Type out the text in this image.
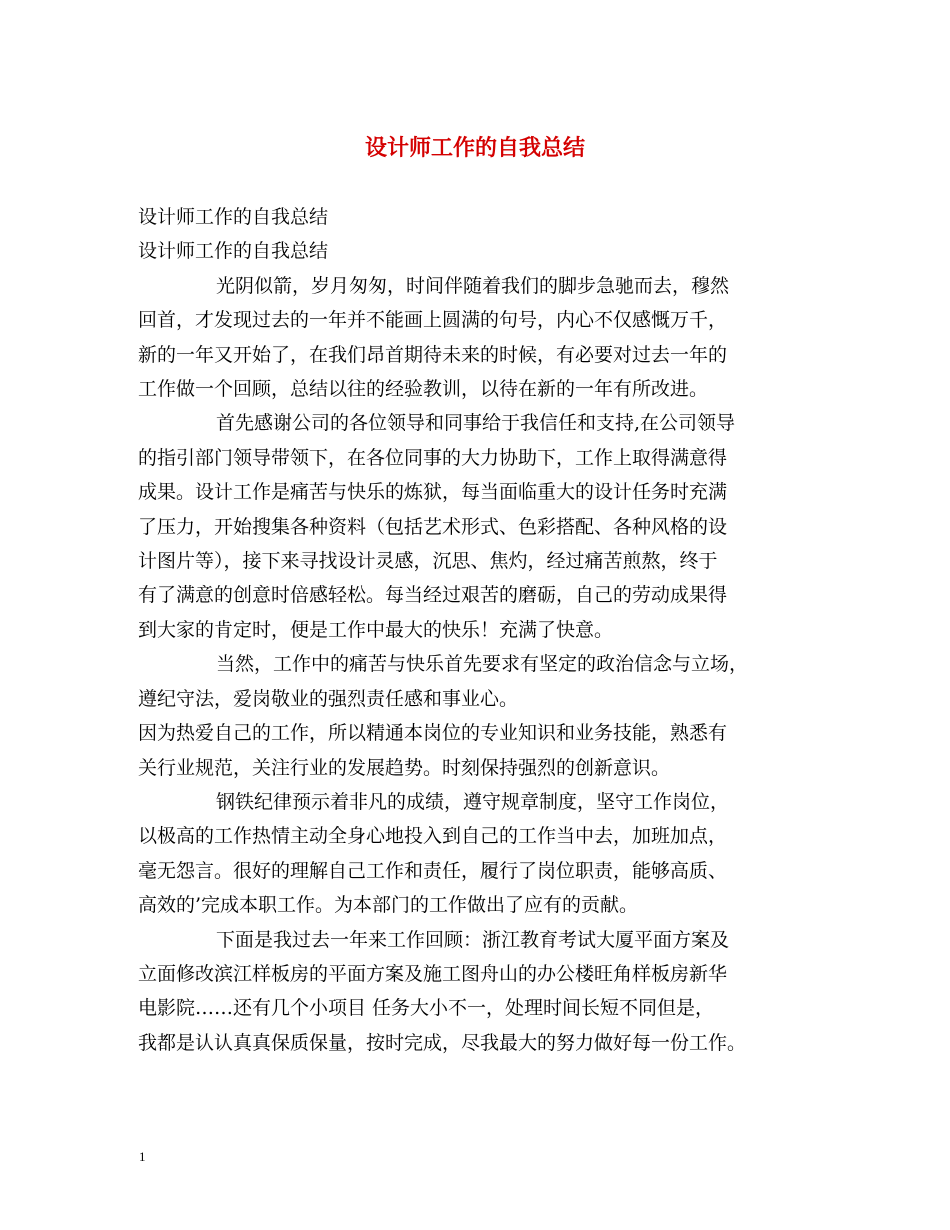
设计师工作的自我总结

设计师工作的自我总结

设计师工作的自我总结

光阴似箭，岁月匆匆，时间伴随着我们的脚步急驰而去，穆然

回首，才发现过去的一年并不能画上圆满的句号，内心不仅感慨万千，

新的一年又开始了，在我们昂首期待未来的时候，有必要对过去一年的

工作做一个回顾，总结以往的经验教训，以待在新的一年有所改进。

首先感谢公司的各位领导和同事给于我信任和支持,在公司领导

的指引部门领导带领下，在各位同事的大力协助下，工作上取得满意得

成果。设计工作是痛苦与快乐的炼狱，每当面临重大的设计任务时充满

了压力，开始搜集各种资料（包括艺术形式、色彩搭配、各种风格的设

计图片等），接下来寻找设计灵感，沉思、焦灼，经过痛苦煎熬，终于

有了满意的创意时倍感轻松。每当经过艰苦的磨砺，自己的劳动成果得

到大家的肯定时，便是工作中最大的快乐！充满了快意。

当然，工作中的痛苦与快乐首先要求有坚定的政治信念与立场，

遵纪守法，爱岗敬业的强烈责任感和事业心。

因为热爱自己的工作，所以精通本岗位的专业知识和业务技能，熟悉有

关行业规范，关注行业的发展趋势。时刻保持强烈的创新意识。

钢铁纪律预示着非凡的成绩，遵守规章制度，坚守工作岗位，

以极高的工作热情主动全身心地投入到自己的工作当中去，加班加点，

毫无怨言。很好的理解自己工作和责任，履行了岗位职责，能够高质、

高效的’完成本职工作。为本部门的工作做出了应有的贡献。

下面是我过去一年来工作回顾：浙江教育考试大厦平面方案及

立面修改滨江样板房的平面方案及施工图舟山的办公楼旺角样板房新华

电影院……还有几个小项目 任务大小不一，处理时间长短不同但是，

我都是认认真真保质保量，按时完成，尽我最大的努力做好每一份工作。

1
